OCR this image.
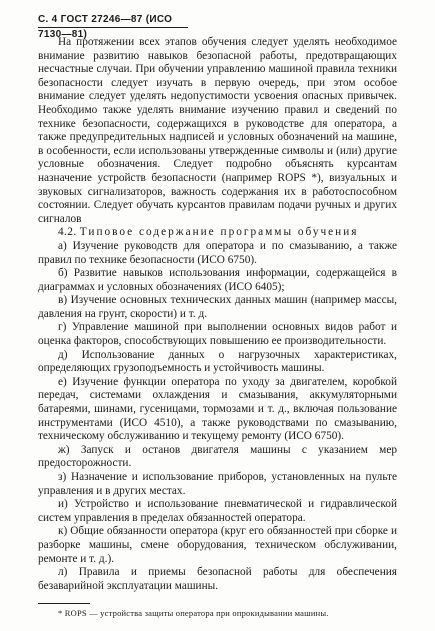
С. 4 ГОСТ 27246—87 (ИСО 7130—81)

На протяжении всех этапов обучения следует уделять необходимое внимание развитию навыков безопасной работы, предотвращающих несчастные случаи. При обучении управлению машиной правила техники безопасности следует изучать в первую очередь, при этом особое внимание следует уделять недопустимости усвоения опасных привычек. Необходимо также уделять внимание изучению правил и сведений по технике безопасности, содержащихся в руководстве для оператора, а также предупредительных надписей и условных обозначений на машине, в особенности, если использованы утвержденные символы и (или) другие условные обозначения. Следует подробно объяснять курсантам назначение устройств безопасности (например ROPS *), визуальных и звуковых сигнализаторов, важность содержания их в работоспособном состоянии. Следует обучать курсантов правилам подачи ручных и других сигналов

4.2. Типовое содержание программы обучения

а) Изучение руководств для оператора и по смазыванию, а также правил по технике безопасности (ИСО 6750).

б) Развитие навыков использования информации, содержащейся в диаграммах и условных обозначениях (ИСО 6405);

в) Изучение основных технических данных машин (например массы, давления на грунт, скорости) и т. д.

г) Управление машиной при выполнении основных видов работ и оценка факторов, способствующих повышению ее производительности.

д) Использование данных о нагрузочных характеристиках, определяющих грузоподъемность и устойчивость машины.

е) Изучение функции оператора по уходу за двигателем, коробкой передач, системами охлаждения и смазывания, аккумуляторными батареями, шинами, гусеницами, тормозами и т. д., включая пользование инструментами (ИСО 4510), а также руководствами по смазыванию, техническому обслуживанию и текущему ремонту (ИСО 6750).

ж) Запуск и останов двигателя машины с указанием мер предосторожности.

з) Назначение и использование приборов, установленных на пульте управления и в других местах.

и) Устройство и использование пневматической и гидравлической систем управления в пределах обязанностей оператора.

к) Общие обязанности оператора (круг его обязанностей при сборке и разборке машины, смене оборудования, техническом обслуживании, ремонте и т. д.).

л) Правила и приемы безопасной работы для обеспечения безаварийной эксплуатации машины.

* ROPS — устройства защиты оператора при опрокидывании машины.
